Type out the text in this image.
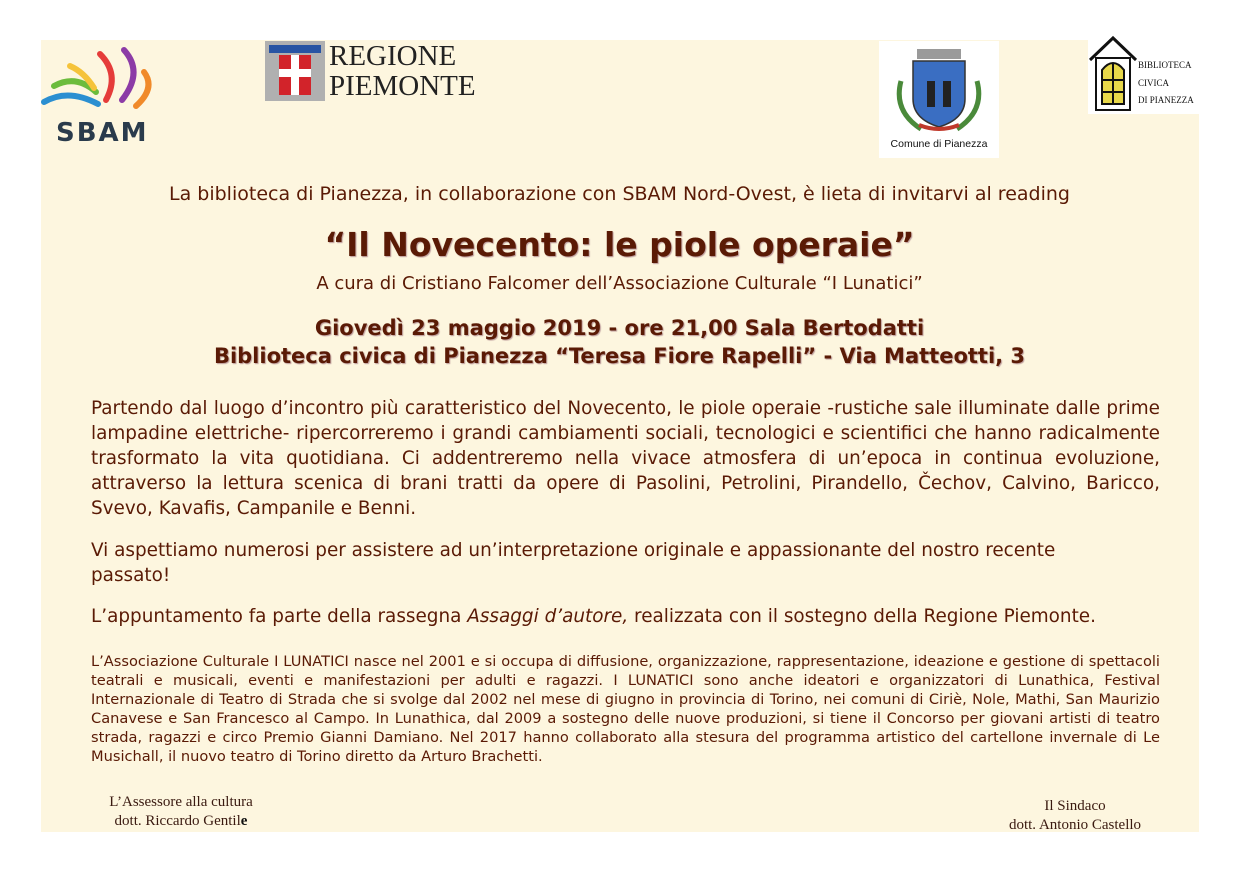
SBAM
REGIONE
PIEMONTE
Comune di Pianezza
BIBLIOTECA
CIVICA
DI PIANEZZA
La biblioteca di Pianezza, in collaborazione con SBAM Nord-Ovest, è lieta di invitarvi al reading
“Il Novecento: le piole operaie”
A cura di Cristiano Falcomer dell’Associazione Culturale “I Lunatici”
Giovedì 23 maggio 2019 - ore 21,00 Sala Bertodatti
Biblioteca civica di Pianezza “Teresa Fiore Rapelli” - Via Matteotti, 3
Partendo dal luogo d’incontro più caratteristico del Novecento, le piole operaie -rustiche sale illuminate dalle prime lampadine elettriche- ripercorreremo i grandi cambiamenti sociali, tecnologici e scientifici che hanno radicalmente trasformato la vita quotidiana. Ci addentreremo nella vivace atmosfera di un’epoca in continua evoluzione, attraverso la lettura scenica di brani tratti da opere di Pasolini, Petrolini, Pirandello, Čechov, Calvino, Baricco, Svevo, Kavafis, Campanile e Benni.
Vi aspettiamo numerosi per assistere ad un’interpretazione originale e appassionante del nostro recente passato!
L’appuntamento fa parte della rassegna Assaggi d’autore, realizzata con il sostegno della Regione Piemonte.
L’Associazione Culturale I LUNATICI nasce nel 2001 e si occupa di diffusione, organizzazione, rappresentazione, ideazione e gestione di spettacoli teatrali e musicali, eventi e manifestazioni per adulti e ragazzi. I LUNATICI sono anche ideatori e organizzatori di Lunathica, Festival Internazionale di Teatro di Strada che si svolge dal 2002 nel mese di giugno in provincia di Torino, nei comuni di Ciriè, Nole, Mathi, San Maurizio Canavese e San Francesco al Campo. In Lunathica, dal 2009 a sostegno delle nuove produzioni, si tiene il Concorso per giovani artisti di teatro strada, ragazzi e circo Premio Gianni Damiano. Nel 2017 hanno collaborato alla stesura del programma artistico del cartellone invernale di Le Musichall, il nuovo teatro di Torino diretto da Arturo Brachetti.
L’Assessore alla cultura
dott. Riccardo Gentile
Il Sindaco
dott. Antonio Castello
